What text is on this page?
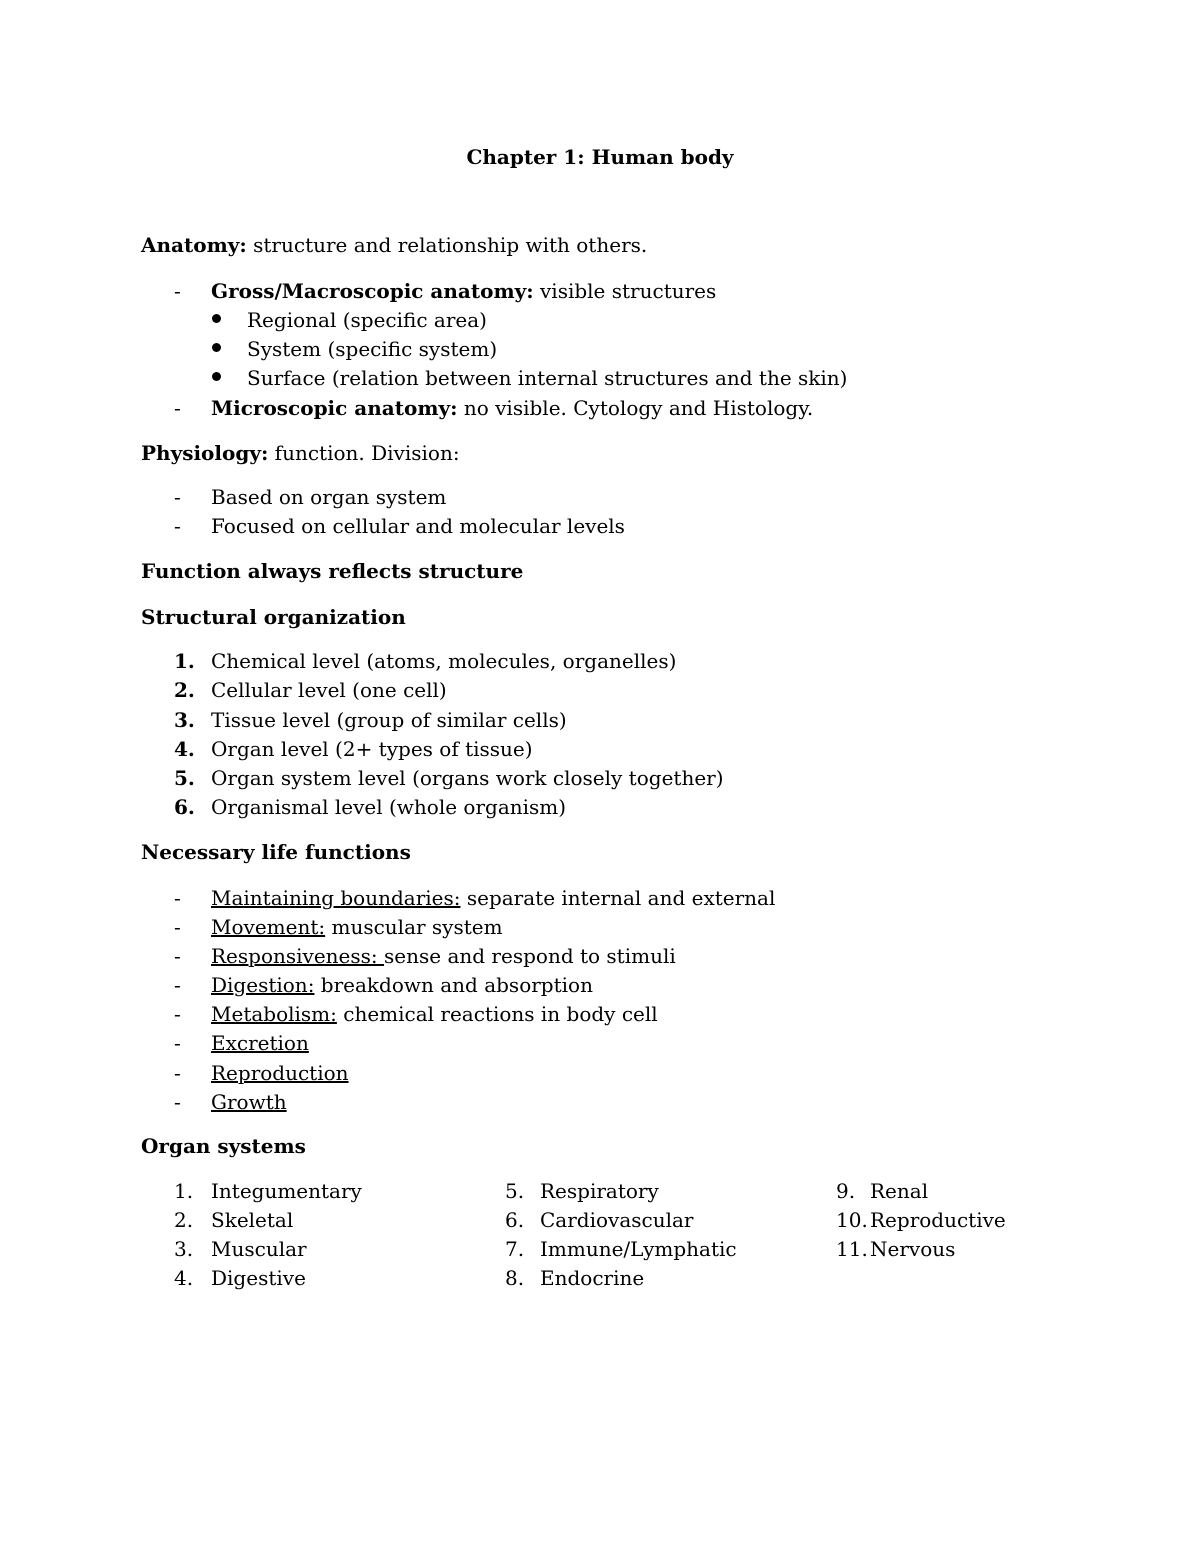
Chapter 1: Human body
Anatomy: structure and relationship with others.
- Gross/Macroscopic anatomy: visible structures
Regional (specific area)
System (specific system)
Surface (relation between internal structures and the skin)
- Microscopic anatomy: no visible. Cytology and Histology.
Physiology: function. Division:
- Based on organ system
- Focused on cellular and molecular levels
Function always reflects structure
Structural organization
1. Chemical level (atoms, molecules, organelles)
2. Cellular level (one cell)
3. Tissue level (group of similar cells)
4. Organ level (2+ types of tissue)
5. Organ system level (organs work closely together)
6. Organismal level (whole organism)
Necessary life functions
- Maintaining boundaries: separate internal and external
- Movement: muscular system
- Responsiveness: sense and respond to stimuli
- Digestion: breakdown and absorption
- Metabolism: chemical reactions in body cell
- Excretion
- Reproduction
- Growth
Organ systems
1. Integumentary
2. Skeletal
3. Muscular
4. Digestive
5. Respiratory
6. Cardiovascular
7. Immune/Lymphatic
8. Endocrine
9. Renal
10. Reproductive
11. Nervous
